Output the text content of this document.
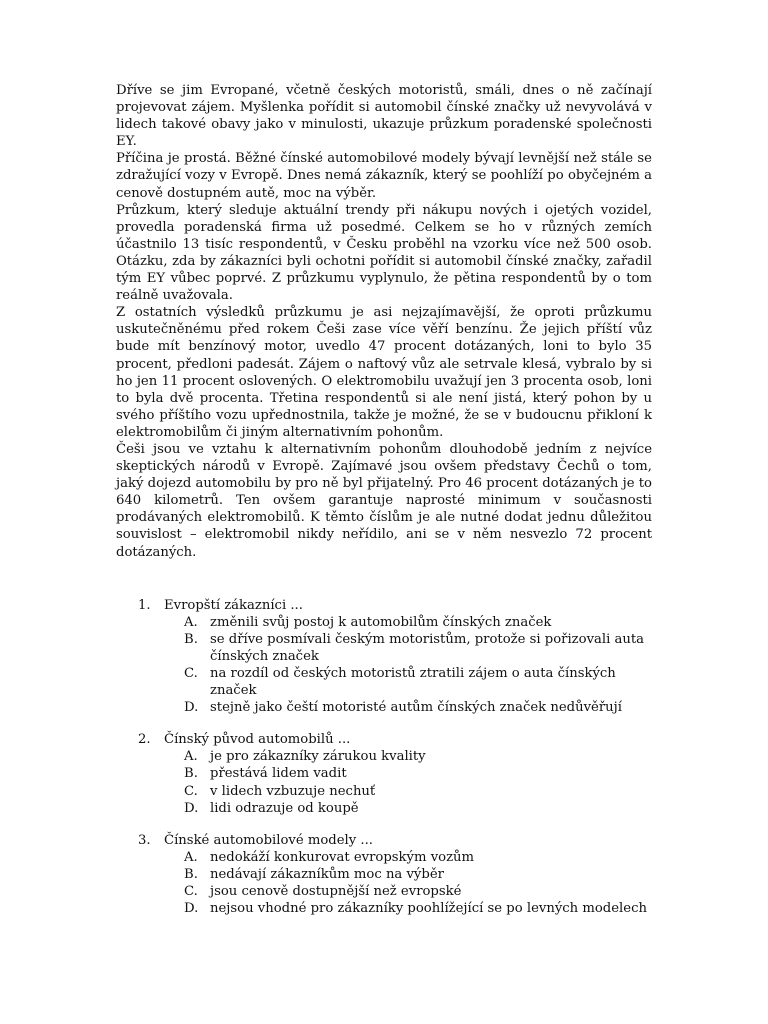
Dříve se jim Evropané, včetně českých motoristů, smáli, dnes o ně začínají projevovat zájem. Myšlenka pořídit si automobil čínské značky už nevyvolává v lidech takové obavy jako v minulosti, ukazuje průzkum poradenské společnosti EY.

Příčina je prostá. Běžné čínské automobilové modely bývají levnější než stále se zdražující vozy v Evropě. Dnes nemá zákazník, který se poohlíží po obyčejném a cenově dostupném autě, moc na výběr.

Průzkum, který sleduje aktuální trendy při nákupu nových i ojetých vozidel, provedla poradenská firma už posedmé. Celkem se ho v různých zemích účastnilo 13 tisíc respondentů, v Česku proběhl na vzorku více než 500 osob. Otázku, zda by zákazníci byli ochotni pořídit si automobil čínské značky, zařadil tým EY vůbec poprvé. Z průzkumu vyplynulo, že pětina respondentů by o tom reálně uvažovala.

Z ostatních výsledků průzkumu je asi nejzajímavější, že oproti průzkumu uskutečněnému před rokem Češi zase více věří benzínu. Že jejich příští vůz bude mít benzínový motor, uvedlo 47 procent dotázaných, loni to bylo 35 procent, předloni padesát. Zájem o naftový vůz ale setrvale klesá, vybralo by si ho jen 11 procent oslovených. O elektromobilu uvažují jen 3 procenta osob, loni to byla dvě procenta. Třetina respondentů si ale není jistá, který pohon by u svého příštího vozu upřednostnila, takže je možné, že se v budoucnu přikloní k elektromobilům či jiným alternativním pohonům.

Češi jsou ve vztahu k alternativním pohonům dlouhodobě jedním z nejvíce skeptických národů v Evropě. Zajímavé jsou ovšem představy Čechů o tom, jaký dojezd automobilu by pro ně byl přijatelný. Pro 46 procent dotázaných je to 640 kilometrů. Ten ovšem garantuje naprosté minimum v současnosti prodávaných elektromobilů. K těmto číslům je ale nutné dodat jednu důležitou souvislost – elektromobil nikdy neřídilo, ani se v něm nesvezlo 72 procent dotázaných.

1.	Evropští zákazníci ...
A. změnili svůj postoj k automobilům čínských značek
B. se dříve posmívali českým motoristům, protože si pořizovali auta čínských značek
C. na rozdíl od českých motoristů ztratili zájem o auta čínských značek
D. stejně jako čeští motoristé autům čínských značek nedůvěřují
2.	Čínský původ automobilů ...
A. je pro zákazníky zárukou kvality
B. přestává lidem vadit
C. v lidech vzbuzuje nechuť
D. lidi odrazuje od koupě
3.	Čínské automobilové modely ...
A. nedokáží konkurovat evropským vozům
B. nedávají zákazníkům moc na výběr
C. jsou cenově dostupnější než evropské
D. nejsou vhodné pro zákazníky poohlížející se po levných modelech
